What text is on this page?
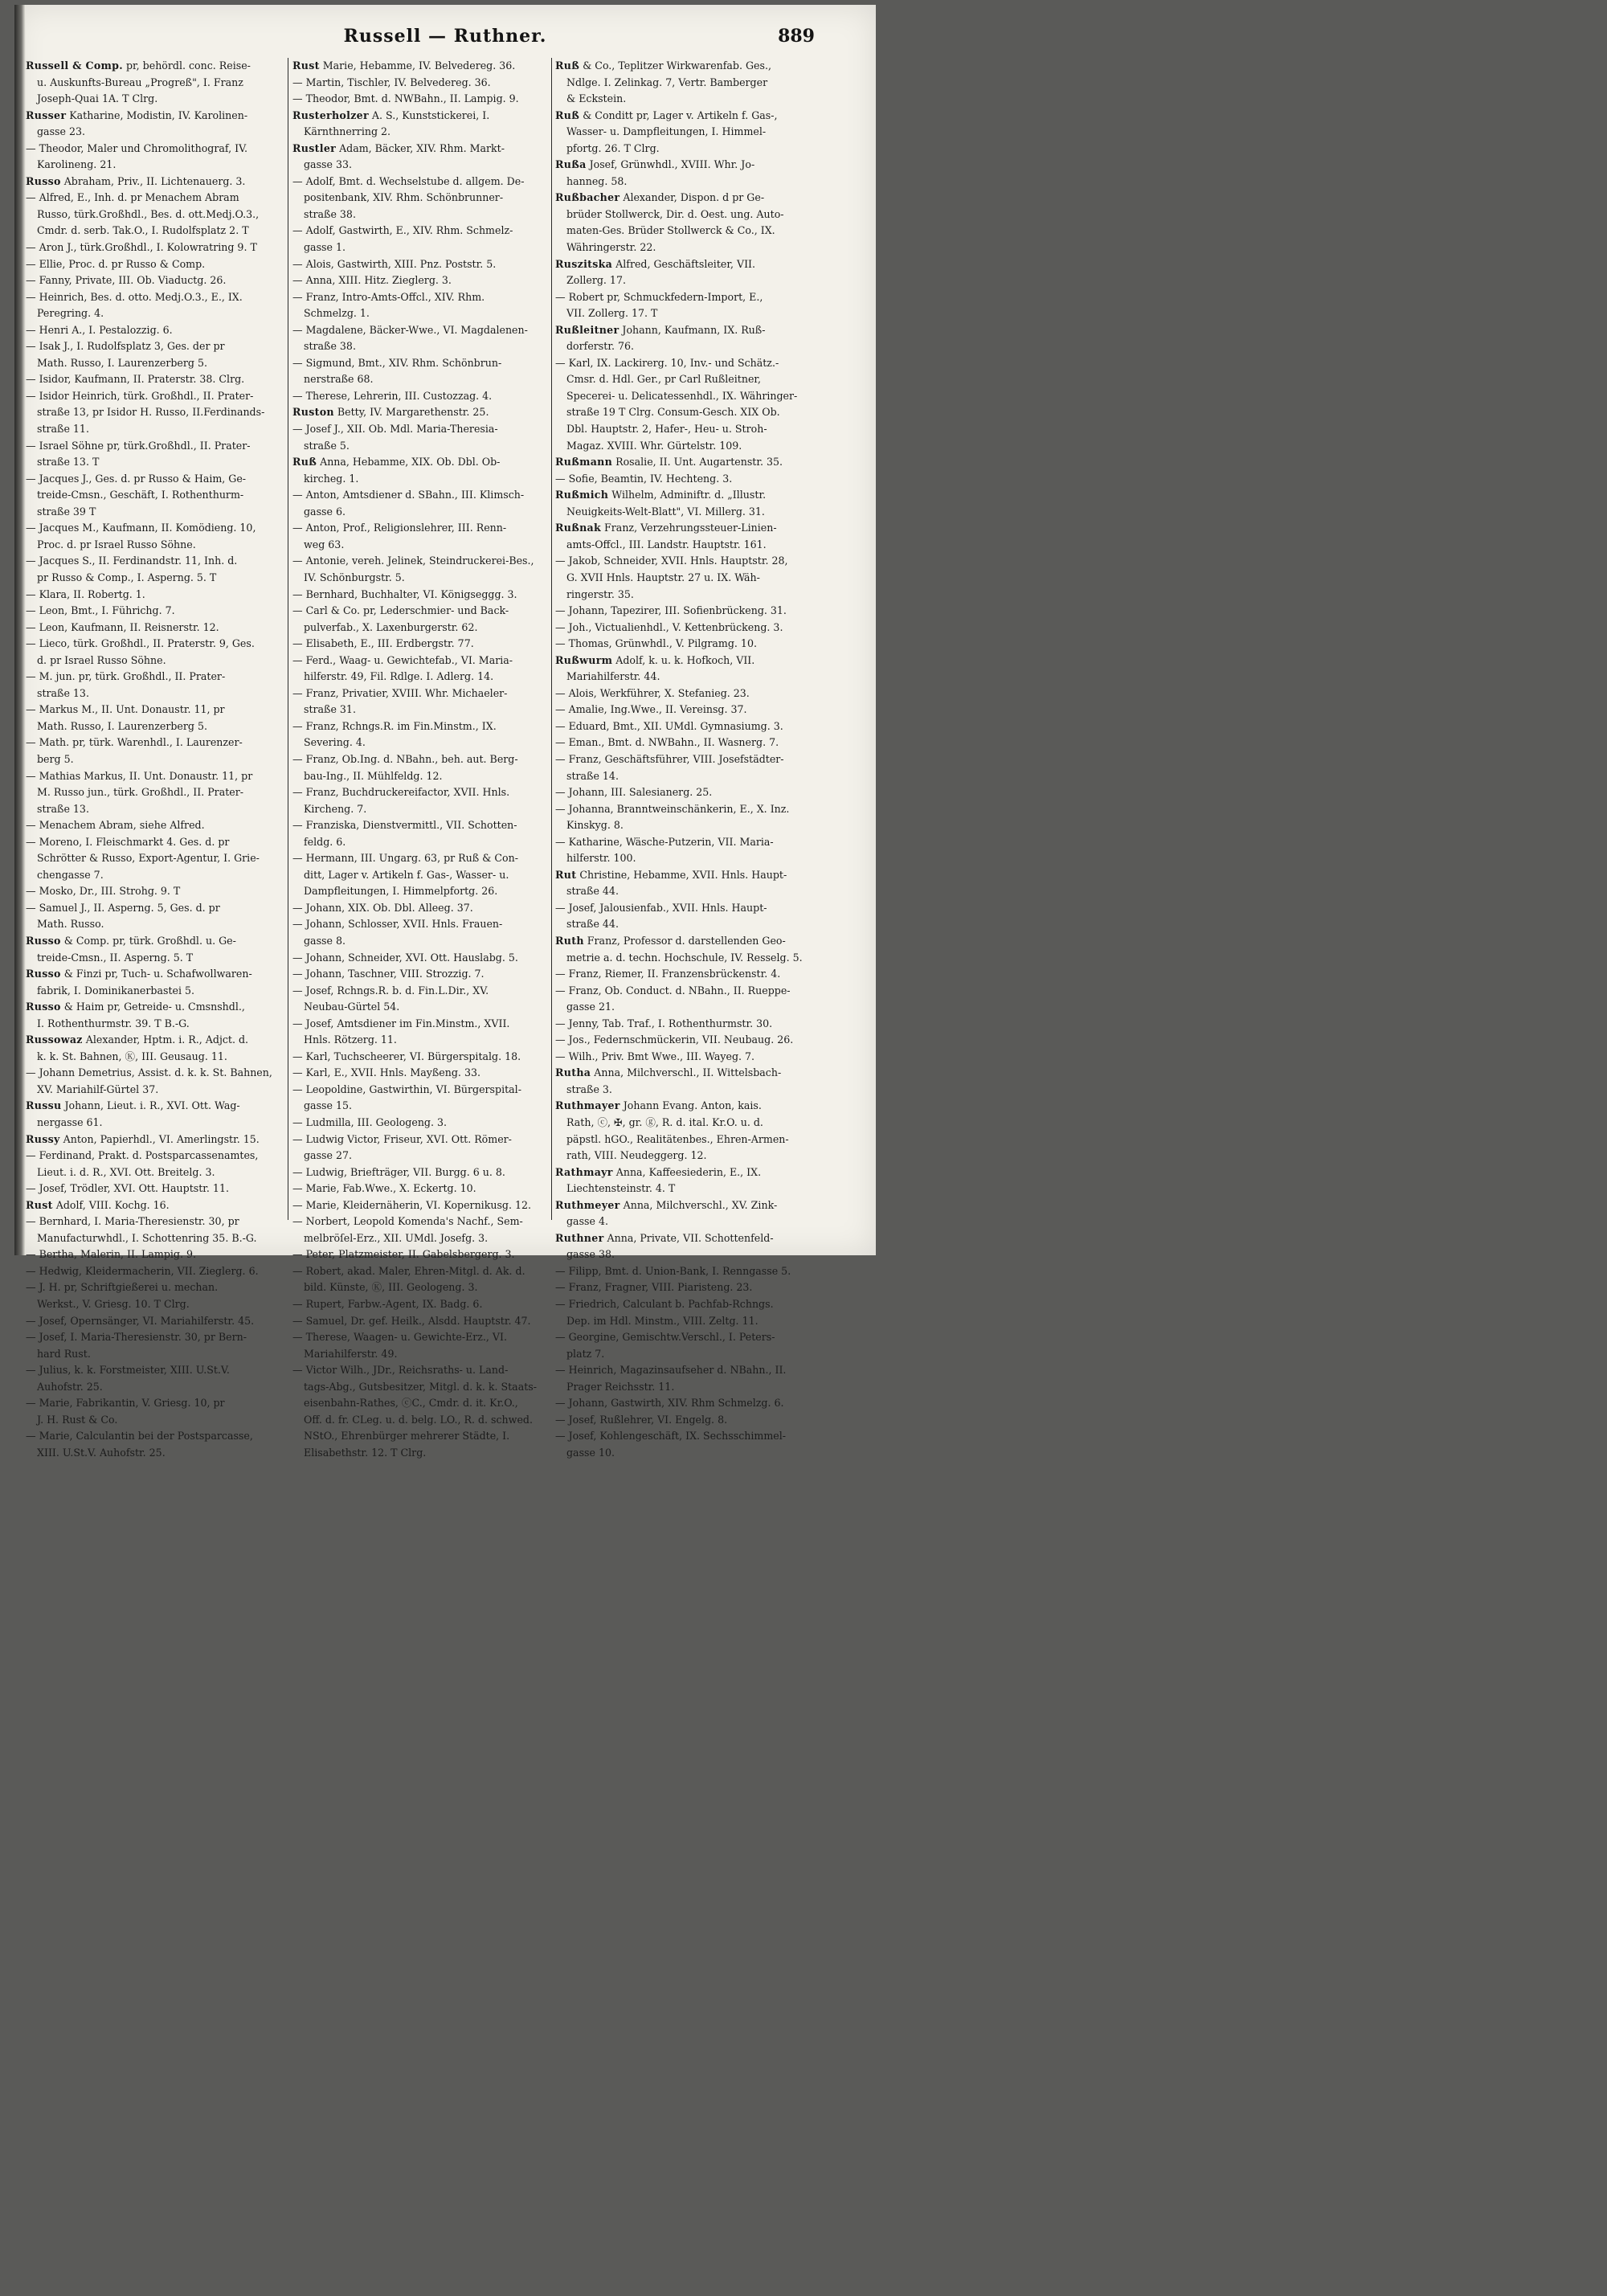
Russell — Ruthner.	889
Russell & Comp. pr, behördl. conc. Reise-
u. Auskunfts-Bureau „Progreß", I. Franz
Joseph-Quai 1A. T Clrg.
Russer Katharine, Modistin, IV. Karolinen-
gasse 23.
— Theodor, Maler und Chromolithograf, IV.
Karolineng. 21.
Russo Abraham, Priv., II. Lichtenauerg. 3.
— Alfred, E., Inh. d. pr Menachem Abram
Russo, türk.Großhdl., Bes. d. ott.Medj.O.3.,
Cmdr. d. serb. Tak.O., I. Rudolfsplatz 2. T
— Aron J., türk.Großhdl., I. Kolowratring 9. T
— Ellie, Proc. d. pr Russo & Comp.
— Fanny, Private, III. Ob. Viaductg. 26.
— Heinrich, Bes. d. otto. Medj.O.3., E., IX.
Peregring. 4.
— Henri A., I. Pestalozzig. 6.
— Isak J., I. Rudolfsplatz 3, Ges. der pr
Math. Russo, I. Laurenzerberg 5.
— Isidor, Kaufmann, II. Praterstr. 38. Clrg.
— Isidor Heinrich, türk. Großhdl., II. Prater-
straße 13, pr Isidor H. Russo, II.Ferdinands-
straße 11.
— Israel Söhne pr, türk.Großhdl., II. Prater-
straße 13. T
— Jacques J., Ges. d. pr Russo & Haim, Ge-
treide-Cmsn., Geschäft, I. Rothenthurm-
straße 39 T
— Jacques M., Kaufmann, II. Komödieng. 10,
Proc. d. pr Israel Russo Söhne.
— Jacques S., II. Ferdinandstr. 11, Inh. d.
pr Russo & Comp., I. Asperng. 5. T
— Klara, II. Robertg. 1.
— Leon, Bmt., I. Führichg. 7.
— Leon, Kaufmann, II. Reisnerstr. 12.
— Lieco, türk. Großhdl., II. Praterstr. 9, Ges.
d. pr Israel Russo Söhne.
— M. jun. pr, türk. Großhdl., II. Prater-
straße 13.
— Markus M., II. Unt. Donaustr. 11, pr
Math. Russo, I. Laurenzerberg 5.
— Math. pr, türk. Warenhdl., I. Laurenzer-
berg 5.
— Mathias Markus, II. Unt. Donaustr. 11, pr
M. Russo jun., türk. Großhdl., II. Prater-
straße 13.
— Menachem Abram, siehe Alfred.
— Moreno, I. Fleischmarkt 4. Ges. d. pr
Schrötter & Russo, Export-Agentur, I. Grie-
chengasse 7.
— Mosko, Dr., III. Strohg. 9. T
— Samuel J., II. Asperng. 5, Ges. d. pr
Math. Russo.
Russo & Comp. pr, türk. Großhdl. u. Ge-
treide-Cmsn., II. Asperng. 5. T
Russo & Finzi pr, Tuch- u. Schafwollwaren-
fabrik, I. Dominikanerbastei 5.
Russo & Haim pr, Getreide- u. Cmsnshdl.,
I. Rothenthurmstr. 39. T B.-G.
Russowaz Alexander, Hptm. i. R., Adjct. d.
k. k. St. Bahnen, Ⓚ, III. Geusaug. 11.
— Johann Demetrius, Assist. d. k. k. St. Bahnen,
XV. Mariahilf-Gürtel 37.
Russu Johann, Lieut. i. R., XVI. Ott. Wag-
nergasse 61.
Russy Anton, Papierhdl., VI. Amerlingstr. 15.
— Ferdinand, Prakt. d. Postsparcassenamtes,
Lieut. i. d. R., XVI. Ott. Breitelg. 3.
— Josef, Trödler, XVI. Ott. Hauptstr. 11.
Rust Adolf, VIII. Kochg. 16.
— Bernhard, I. Maria-Theresienstr. 30, pr
Manufacturwhdl., I. Schottenring 35. B.-G.
— Bertha, Malerin, II. Lampig. 9.
— Hedwig, Kleidermacherin, VII. Zieglerg. 6.
— J. H. pr, Schriftgießerei u. mechan.
Werkst., V. Griesg. 10. T Clrg.
— Josef, Opernsänger, VI. Mariahilferstr. 45.
— Josef, I. Maria-Theresienstr. 30, pr Bern-
hard Rust.
— Julius, k. k. Forstmeister, XIII. U.St.V.
Auhofstr. 25.
— Marie, Fabrikantin, V. Griesg. 10, pr
J. H. Rust & Co.
— Marie, Calculantin bei der Postsparcasse,
XIII. U.St.V. Auhofstr. 25.
Rust Marie, Hebamme, IV. Belvedereg. 36.
— Martin, Tischler, IV. Belvedereg. 36.
— Theodor, Bmt. d. NWBahn., II. Lampig. 9.
Rusterholzer A. S., Kunststickerei, I.
Kärnthnerring 2.
Rustler Adam, Bäcker, XIV. Rhm. Markt-
gasse 33.
— Adolf, Bmt. d. Wechselstube d. allgem. De-
positenbank, XIV. Rhm. Schönbrunner-
straße 38.
— Adolf, Gastwirth, E., XIV. Rhm. Schmelz-
gasse 1.
— Alois, Gastwirth, XIII. Pnz. Poststr. 5.
— Anna, XIII. Hitz. Zieglerg. 3.
— Franz, Intro-Amts-Offcl., XIV. Rhm.
Schmelzg. 1.
— Magdalene, Bäcker-Wwe., VI. Magdalenen-
straße 38.
— Sigmund, Bmt., XIV. Rhm. Schönbrun-
nerstraße 68.
— Therese, Lehrerin, III. Custozzag. 4.
Ruston Betty, IV. Margarethenstr. 25.
— Josef J., XII. Ob. Mdl. Maria-Theresia-
straße 5.
Ruß Anna, Hebamme, XIX. Ob. Dbl. Ob-
kircheg. 1.
— Anton, Amtsdiener d. SBahn., III. Klimsch-
gasse 6.
— Anton, Prof., Religionslehrer, III. Renn-
weg 63.
— Antonie, vereh. Jelinek, Steindruckerei-Bes.,
IV. Schönburgstr. 5.
— Bernhard, Buchhalter, VI. Königseggg. 3.
— Carl & Co. pr, Lederschmier- und Back-
pulverfab., X. Laxenburgerstr. 62.
— Elisabeth, E., III. Erdbergstr. 77.
— Ferd., Waag- u. Gewichtefab., VI. Maria-
hilferstr. 49, Fil. Rdlge. I. Adlerg. 14.
— Franz, Privatier, XVIII. Whr. Michaeler-
straße 31.
— Franz, Rchngs.R. im Fin.Minstm., IX.
Severing. 4.
— Franz, Ob.Ing. d. NBahn., beh. aut. Berg-
bau-Ing., II. Mühlfeldg. 12.
— Franz, Buchdruckereifactor, XVII. Hnls.
Kircheng. 7.
— Franziska, Dienstvermittl., VII. Schotten-
feldg. 6.
— Hermann, III. Ungarg. 63, pr Ruß & Con-
ditt, Lager v. Artikeln f. Gas-, Wasser- u.
Dampfleitungen, I. Himmelpfortg. 26.
— Johann, XIX. Ob. Dbl. Alleeg. 37.
— Johann, Schlosser, XVII. Hnls. Frauen-
gasse 8.
— Johann, Schneider, XVI. Ott. Hauslabg. 5.
— Johann, Taschner, VIII. Strozzig. 7.
— Josef, Rchngs.R. b. d. Fin.L.Dir., XV.
Neubau-Gürtel 54.
— Josef, Amtsdiener im Fin.Minstm., XVII.
Hnls. Rötzerg. 11.
— Karl, Tuchscheerer, VI. Bürgerspitalg. 18.
— Karl, E., XVII. Hnls. Mayßeng. 33.
— Leopoldine, Gastwirthin, VI. Bürgerspital-
gasse 15.
— Ludmilla, III. Geologeng. 3.
— Ludwig Victor, Friseur, XVI. Ott. Römer-
gasse 27.
— Ludwig, Briefträger, VII. Burgg. 6 u. 8.
— Marie, Fab.Wwe., X. Eckertg. 10.
— Marie, Kleidernäherin, VI. Kopernikusg. 12.
— Norbert, Leopold Komenda's Nachf., Sem-
melbröſel-Erz., XII. UMdl. Josefg. 3.
— Peter, Platzmeister, II. Gabelsbergerg. 3.
— Robert, akad. Maler, Ehren-Mitgl. d. Ak. d.
bild. Künste, Ⓚ, III. Geologeng. 3.
— Rupert, Farbw.-Agent, IX. Badg. 6.
— Samuel, Dr. gef. Heilk., Alsdd. Hauptstr. 47.
— Therese, Waagen- u. Gewichte-Erz., VI.
Mariahilferstr. 49.
— Victor Wilh., JDr., Reichsraths- u. Land-
tags-Abg., Gutsbesitzer, Mitgl. d. k. k. Staats-
eisenbahn-Rathes, ⓒC., Cmdr. d. it. Kr.O.,
Off. d. fr. CLeg. u. d. belg. LO., R. d. schwed.
NStO., Ehrenbürger mehrerer Städte, I.
Elisabethstr. 12. T Clrg.
Ruß & Co., Teplitzer Wirkwarenfab. Ges.,
Ndlge. I. Zelinkag. 7, Vertr. Bamberger
& Eckstein.
Ruß & Conditt pr, Lager v. Artikeln f. Gas-,
Wasser- u. Dampfleitungen, I. Himmel-
pfortg. 26. T Clrg.
Rußa Josef, Grünwhdl., XVIII. Whr. Jo-
hanneg. 58.
Rußbacher Alexander, Dispon. d pr Ge-
brüder Stollwerck, Dir. d. Oest. ung. Auto-
maten-Ges. Brüder Stollwerck & Co., IX.
Währingerstr. 22.
Ruszitska Alfred, Geschäftsleiter, VII.
Zollerg. 17.
— Robert pr, Schmuckfedern-Import, E.,
VII. Zollerg. 17. T
Rußleitner Johann, Kaufmann, IX. Ruß-
dorferstr. 76.
— Karl, IX. Lackirerg. 10, Inv.- und Schätz.-
Cmsr. d. Hdl. Ger., pr Carl Rußleitner,
Specerei- u. Delicatessenhdl., IX. Währinger-
straße 19 T Clrg. Consum-Gesch. XIX Ob.
Dbl. Hauptstr. 2, Hafer-, Heu- u. Stroh-
Magaz. XVIII. Whr. Gürtelstr. 109.
Rußmann Rosalie, II. Unt. Augartenstr. 35.
— Sofie, Beamtin, IV. Hechteng. 3.
Rußmich Wilhelm, Adminiftr. d. „Illustr.
Neuigkeits-Welt-Blatt", VI. Millerg. 31.
Rußnak Franz, Verzehrungssteuer-Linien-
amts-Offcl., III. Landstr. Hauptstr. 161.
— Jakob, Schneider, XVII. Hnls. Hauptstr. 28,
G. XVII Hnls. Hauptstr. 27 u. IX. Wäh-
ringerstr. 35.
— Johann, Tapezirer, III. Sofienbrückeng. 31.
— Joh., Victualienhdl., V. Kettenbrückeng. 3.
— Thomas, Grünwhdl., V. Pilgramg. 10.
Rußwurm Adolf, k. u. k. Hofkoch, VII.
Mariahilferstr. 44.
— Alois, Werkführer, X. Stefanieg. 23.
— Amalie, Ing.Wwe., II. Vereinsg. 37.
— Eduard, Bmt., XII. UMdl. Gymnasiumg. 3.
— Eman., Bmt. d. NWBahn., II. Wasnerg. 7.
— Franz, Geschäftsführer, VIII. Josefstädter-
straße 14.
— Johann, III. Salesianerg. 25.
— Johanna, Branntweinschänkerin, E., X. Inz.
Kinskyg. 8.
— Katharine, Wäsche-Putzerin, VII. Maria-
hilferstr. 100.
Rut Christine, Hebamme, XVII. Hnls. Haupt-
straße 44.
— Josef, Jalousienfab., XVII. Hnls. Haupt-
straße 44.
Ruth Franz, Professor d. darstellenden Geo-
metrie a. d. techn. Hochschule, IV. Resselg. 5.
— Franz, Riemer, II. Franzensbrückenstr. 4.
— Franz, Ob. Conduct. d. NBahn., II. Rueppe-
gasse 21.
— Jenny, Tab. Traf., I. Rothenthurmstr. 30.
— Jos., Federnschmückerin, VII. Neubaug. 26.
— Wilh., Priv. Bmt Wwe., III. Wayeg. 7.
Rutha Anna, Milchverschl., II. Wittelsbach-
straße 3.
Ruthmayer Johann Evang. Anton, kais.
Rath, ⓒ, ✠, gr. ⓖ, R. d. ital. Kr.O. u. d.
päpstl. hGO., Realitätenbes., Ehren-Armen-
rath, VIII. Neudeggerg. 12.
Rathmayr Anna, Kaffeesiederin, E., IX.
Liechtensteinstr. 4. T
Ruthmeyer Anna, Milchverschl., XV. Zink-
gasse 4.
Ruthner Anna, Private, VII. Schottenfeld-
gasse 38.
— Filipp, Bmt. d. Union-Bank, I. Renngasse 5.
— Franz, Fragner, VIII. Piaristeng. 23.
— Friedrich, Calculant b. Pachfab-Rchngs.
Dep. im Hdl. Minstm., VIII. Zeltg. 11.
— Georgine, Gemischtw.Verschl., I. Peters-
platz 7.
— Heinrich, Magazinsaufseher d. NBahn., II.
Prager Reichsstr. 11.
— Johann, Gastwirth, XIV. Rhm Schmelzg. 6.
— Josef, Rußlehrer, VI. Engelg. 8.
— Josef, Kohlengeschäft, IX. Sechsschimmel-
gasse 10.
